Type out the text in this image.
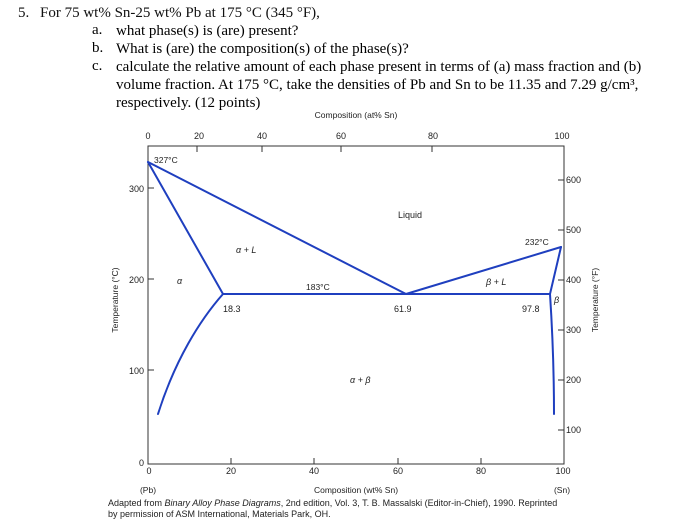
5. For 75 wt% Sn-25 wt% Pb at 175 °C (345 °F),
a. what phase(s) is (are) present?
b. What is (are) the composition(s) of the phase(s)?
c. calculate the relative amount of each phase present in terms of (a) mass fraction and (b)
volume fraction. At 175 °C, take the densities of Pb and Sn to be 11.35 and 7.29 g/cm³,
respectively. (12 points)
Composition (at% Sn)
0	20	40	60	80	100
0	20	40	60	80	100
(Pb)	Composition (wt% Sn)	(Sn)
300
200
100
0
Temperature (°C)
600
500
400
300
200
100
Temperature (°F)
327°C
232°C
183°C
Liquid
α + L
β + L
α
β
α + β
18.3	61.9	97.8
Adapted from Binary Alloy Phase Diagrams, 2nd edition, Vol. 3, T. B. Massalski (Editor-in-Chief), 1990. Reprinted
by permission of ASM International, Materials Park, OH.
